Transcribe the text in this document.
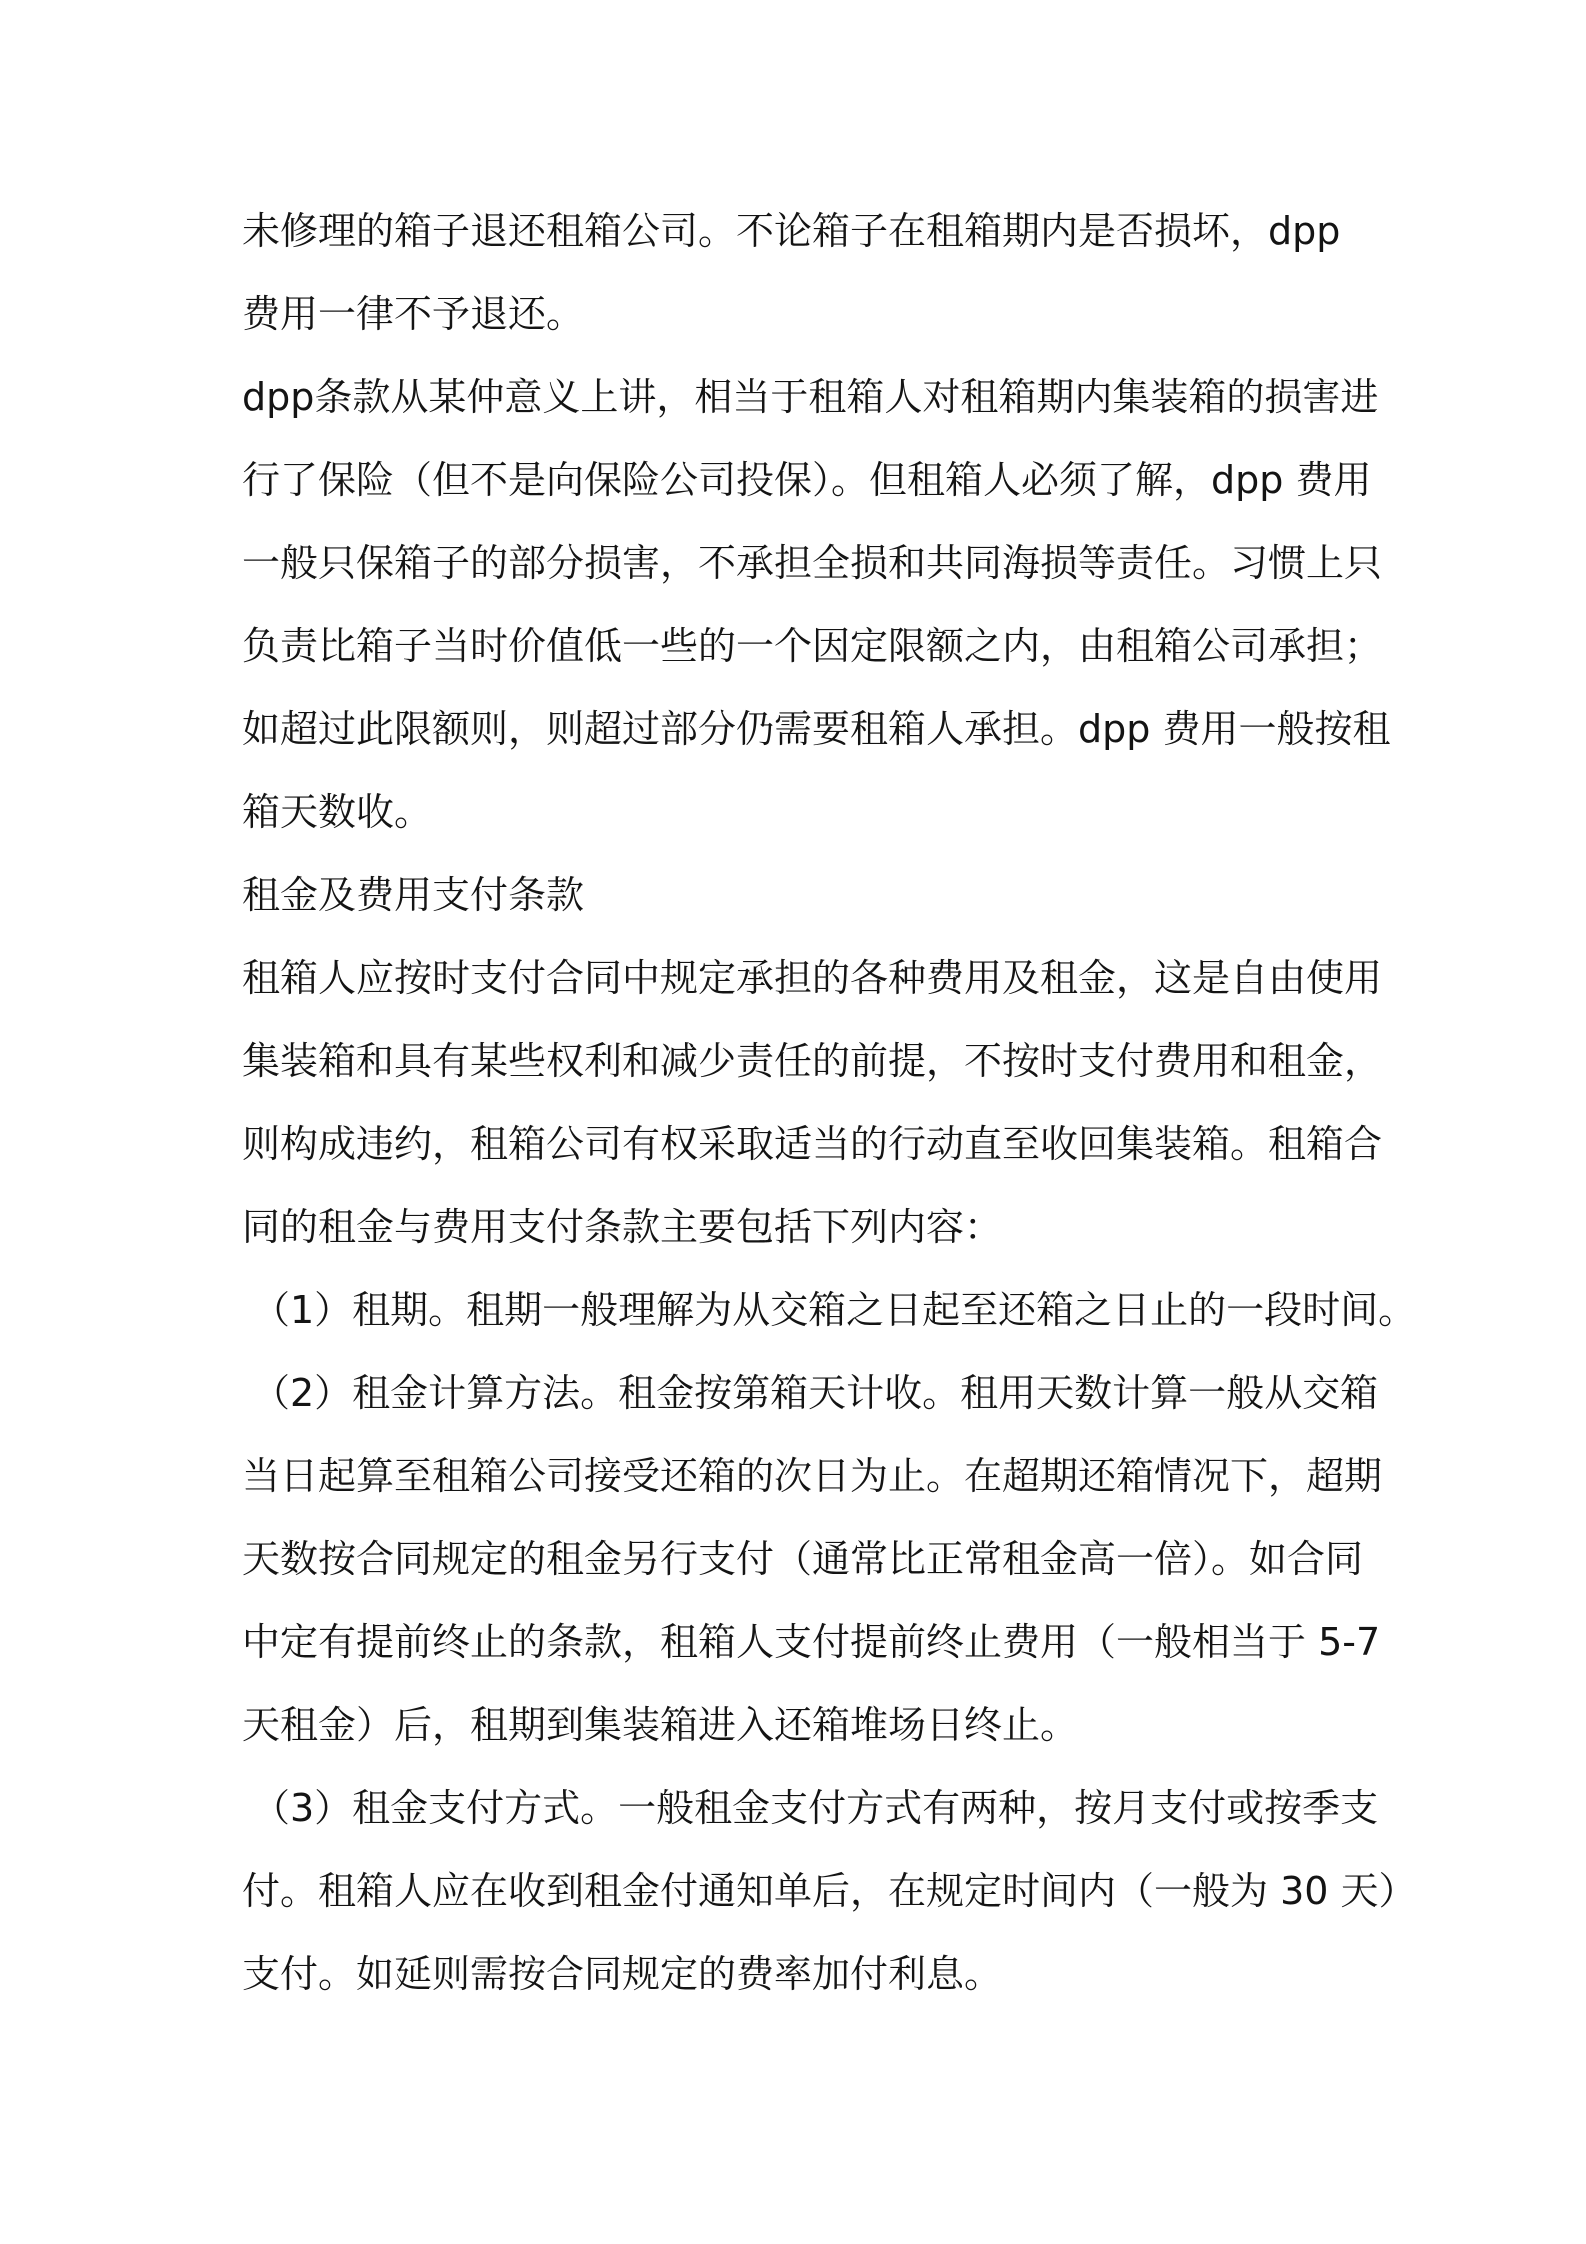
未修理的箱子退还租箱公司。不论箱子在租箱期内是否损坏，dpp
费用一律不予退还。
dpp条款从某仲意义上讲，相当于租箱人对租箱期内集装箱的损害进
行了保险（但不是向保险公司投保）。但租箱人必须了解，dpp 费用
一般只保箱子的部分损害，不承担全损和共同海损等责任。习惯上只
负责比箱子当时价值低一些的一个因定限额之内，由租箱公司承担；
如超过此限额则，则超过部分仍需要租箱人承担。dpp 费用一般按租
箱天数收。
租金及费用支付条款
租箱人应按时支付合同中规定承担的各种费用及租金，这是自由使用
集装箱和具有某些权利和减少责任的前提，不按时支付费用和租金，
则构成违约，租箱公司有权采取适当的行动直至收回集装箱。租箱合
同的租金与费用支付条款主要包括下列内容：
（1）租期。租期一般理解为从交箱之日起至还箱之日止的一段时间。
（2）租金计算方法。租金按第箱天计收。租用天数计算一般从交箱
当日起算至租箱公司接受还箱的次日为止。在超期还箱情况下，超期
天数按合同规定的租金另行支付（通常比正常租金高一倍）。如合同
中定有提前终止的条款，租箱人支付提前终止费用（一般相当于 5-7
天租金）后，租期到集装箱进入还箱堆场日终止。
（3）租金支付方式。一般租金支付方式有两种，按月支付或按季支
付。租箱人应在收到租金付通知单后，在规定时间内（一般为 30 天）
支付。如延则需按合同规定的费率加付利息。
